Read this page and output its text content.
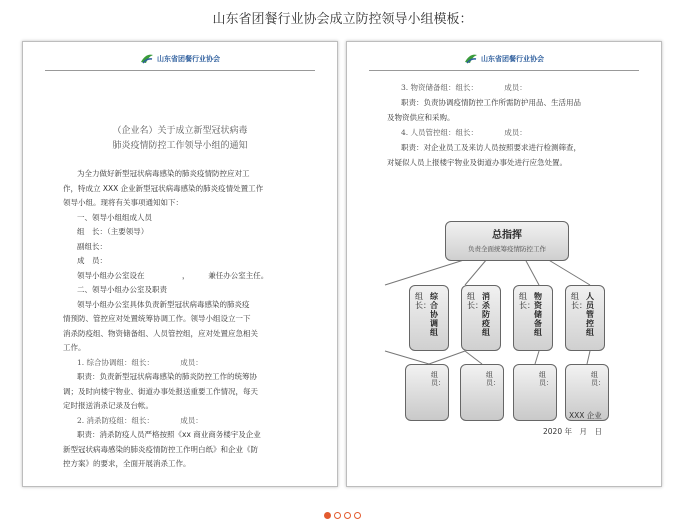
山东省团餐行业协会成立防控领导小组模板：
山东省团餐行业协会
（企业名）关于成立新型冠状病毒
肺炎疫情防控工作领导小组的通知
为全力做好新型冠状病毒感染的肺炎疫情防控应对工
作，特成立 XXX 企业新型冠状病毒感染的肺炎疫情处置工作
领导小组。现将有关事项通知如下：
一、领导小组组成人员
组　长：（主要领导）
副组长：
成　员：
领导小组办公室设在　　　　　，　　　兼任办公室主任。
二、领导小组办公室及职责
领导小组办公室具体负责新型冠状病毒感染的肺炎疫
情预防、管控应对处置统筹协调工作。领导小组设立一下
消杀防疫组、物资储备组、人员管控组，应对处置应急相关
工作。
1. 综合协调组：组长：　　　　成员：
职责：负责新型冠状病毒感染的肺炎防控工作的统筹协
调；及时向楼宇物业、街道办事处报送重要工作情况，每天
定时报送消杀记录及台帐。
2. 消杀防疫组：组长：　　　　成员：
职责：消杀防疫人员严格按照《xx 商业商务楼宇及企业
新型冠状病毒感染的肺炎疫情防控工作明白纸》和企业《防
控方案》的要求，全面开展消杀工作。
山东省团餐行业协会
3. 物资储备组：组长：　　　　成员：
职责：负责协调疫情防控工作所需防护用品、生活用品
及物资供应和采购。
4. 人员管控组：组长：　　　　成员：
职责：对企业员工及来访人员按照要求进行检测筛查，
对疑似人员上报楼宇物业及街道办事处进行应急处置。
总指挥
负责全面统筹疫情防控工作
组长：
综合协调组
组长：
消杀防疫组
组长：
物资储备组
组长：
人员管控组
组员：
组员：
组员：
组员：
XXX 企业
2020 年　月　日
